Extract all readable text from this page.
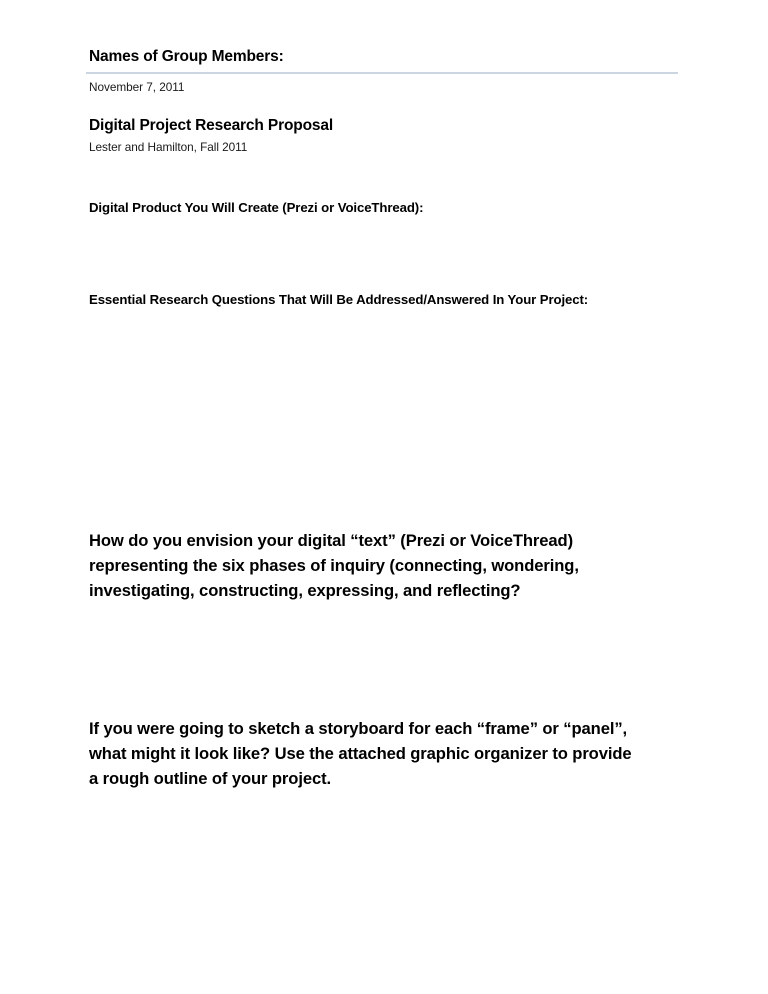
Names of Group Members:

November 7, 2011

Digital Project Research Proposal

Lester and Hamilton, Fall 2011

Digital Product You Will Create (Prezi or VoiceThread):
Essential Research Questions That Will Be Addressed/Answered In Your Project:

How do you envision your digital “text” (Prezi or VoiceThread)

representing the six phases of inquiry (connecting, wondering,

investigating, constructing, expressing, and reflecting?

If you were going to sketch a storyboard for each “frame” or “panel”,

what might it look like? Use the attached graphic organizer to provide

a rough outline of your project.
